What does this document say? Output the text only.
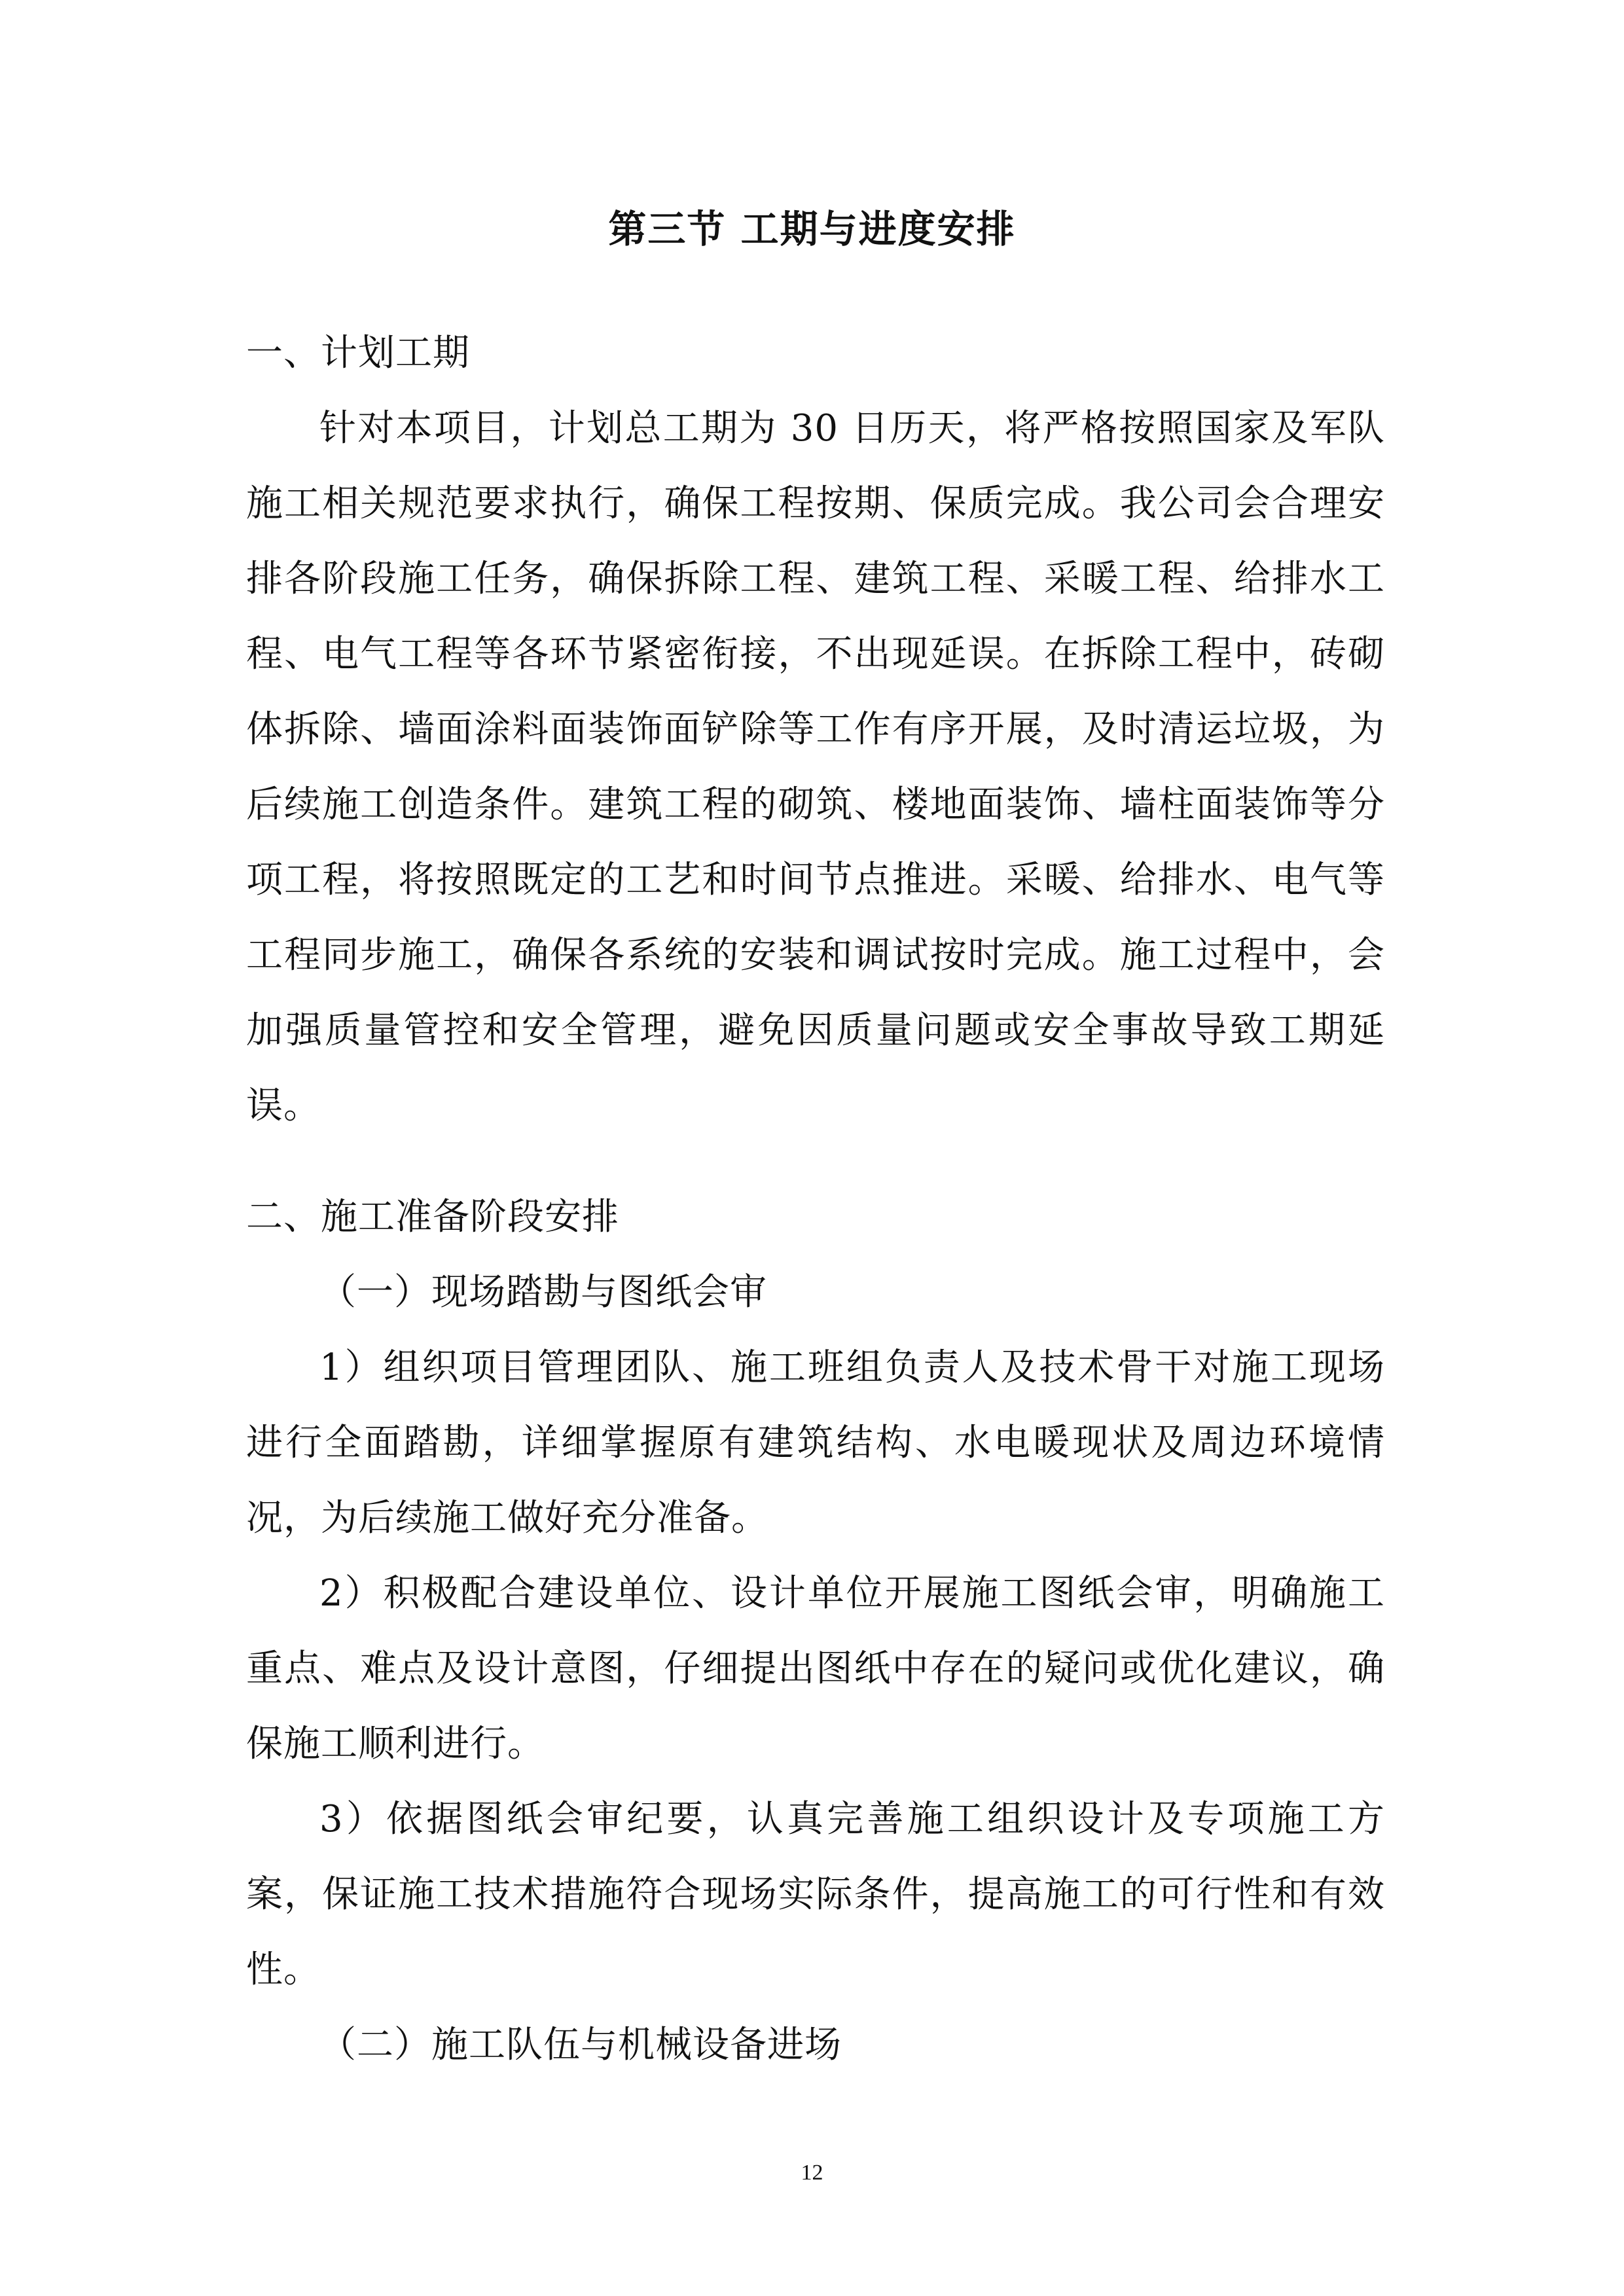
第三节 工期与进度安排
一、计划工期
针对本项目，计划总工期为 30 日历天，将严格按照国家及军队施工相关规范要求执行，确保工程按期、保质完成。我公司会合理安排各阶段施工任务，确保拆除工程、建筑工程、采暖工程、给排水工程、电气工程等各环节紧密衔接，不出现延误。在拆除工程中，砖砌体拆除、墙面涂料面装饰面铲除等工作有序开展，及时清运垃圾，为后续施工创造条件。建筑工程的砌筑、楼地面装饰、墙柱面装饰等分项工程，将按照既定的工艺和时间节点推进。采暖、给排水、电气等工程同步施工，确保各系统的安装和调试按时完成。施工过程中，会加强质量管控和安全管理，避免因质量问题或安全事故导致工期延误。
二、施工准备阶段安排
（一）现场踏勘与图纸会审
1）组织项目管理团队、施工班组负责人及技术骨干对施工现场进行全面踏勘，详细掌握原有建筑结构、水电暖现状及周边环境情况，为后续施工做好充分准备。
2）积极配合建设单位、设计单位开展施工图纸会审，明确施工重点、难点及设计意图，仔细提出图纸中存在的疑问或优化建议，确保施工顺利进行。
3）依据图纸会审纪要，认真完善施工组织设计及专项施工方案，保证施工技术措施符合现场实际条件，提高施工的可行性和有效性。
（二）施工队伍与机械设备进场
12
